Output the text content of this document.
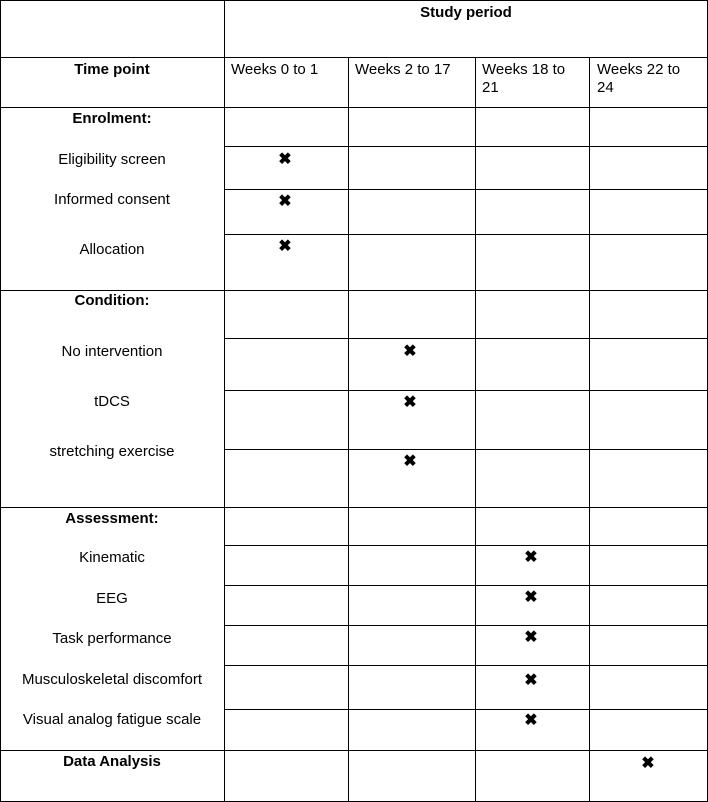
Study period
Time point	Weeks 0 to 1 Weeks 2 to 17 Weeks 18 to 21
Weeks 22 to 24
Enrolment:
Eligibility screen
Informed consent
Allocation
Condition:
No intervention
tDCS
stretching exercise
Assessment:
Kinematic
EEG
Task performance
Musculoskeletal discomfort
Visual analog fatigue scale
Data Analysis
✖
✖
✖
✖
✖
✖
✖
✖
✖
✖
✖
✖
